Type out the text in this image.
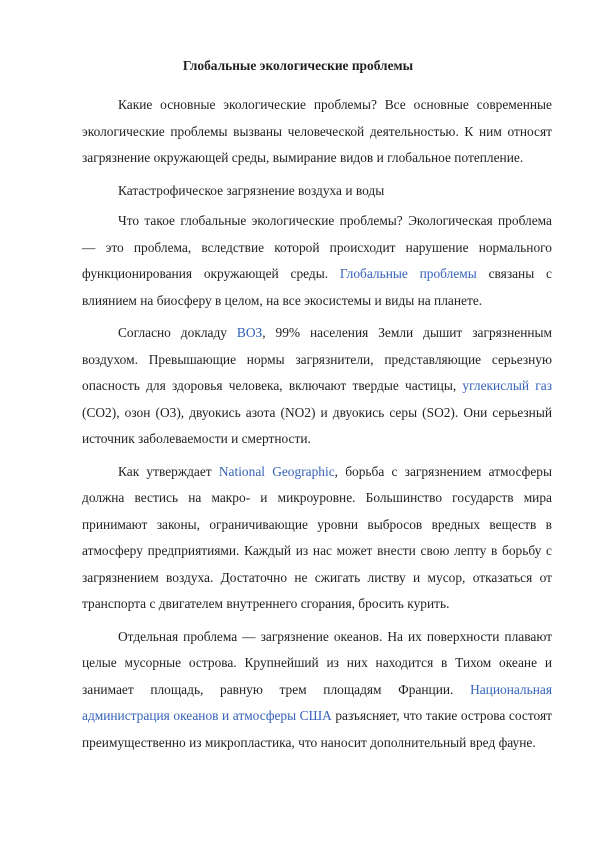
Глобальные экологические проблемы

Какие основные экологические проблемы? Все основные современные экологические проблемы вызваны человеческой деятельностью. К ним относят загрязнение окружающей среды, вымирание видов и глобальное потепление.

Катастрофическое загрязнение воздуха и воды

Что такое глобальные экологические проблемы? Экологическая проблема — это проблема, вследствие которой происходит нарушение нормального функционирования окружающей среды. Глобальные проблемы связаны с влиянием на биосферу в целом, на все экосистемы и виды на планете.

Согласно докладу ВОЗ, 99% населения Земли дышит загрязненным воздухом. Превышающие нормы загрязнители, представляющие серьезную опасность для здоровья человека, включают твердые частицы, углекислый газ (CO2), озон (O3), двуокись азота (NO2) и двуокись серы (SO2). Они серьезный источник заболеваемости и смертности.

Как утверждает National Geographic, борьба с загрязнением атмосферы должна вестись на макро- и микроуровне. Большинство государств мира принимают законы, ограничивающие уровни выбросов вредных веществ в атмосферу предприятиями. Каждый из нас может внести свою лепту в борьбу с загрязнением воздуха. Достаточно не сжигать листву и мусор, отказаться от транспорта с двигателем внутреннего сгорания, бросить курить.

Отдельная проблема — загрязнение океанов. На их поверхности плавают целые мусорные острова. Крупнейший из них находится в Тихом океане и занимает площадь, равную трем площадям Франции. Национальная администрация океанов и атмосферы США разъясняет, что такие острова состоят преимущественно из микропластика, что наносит дополнительный вред фауне.
